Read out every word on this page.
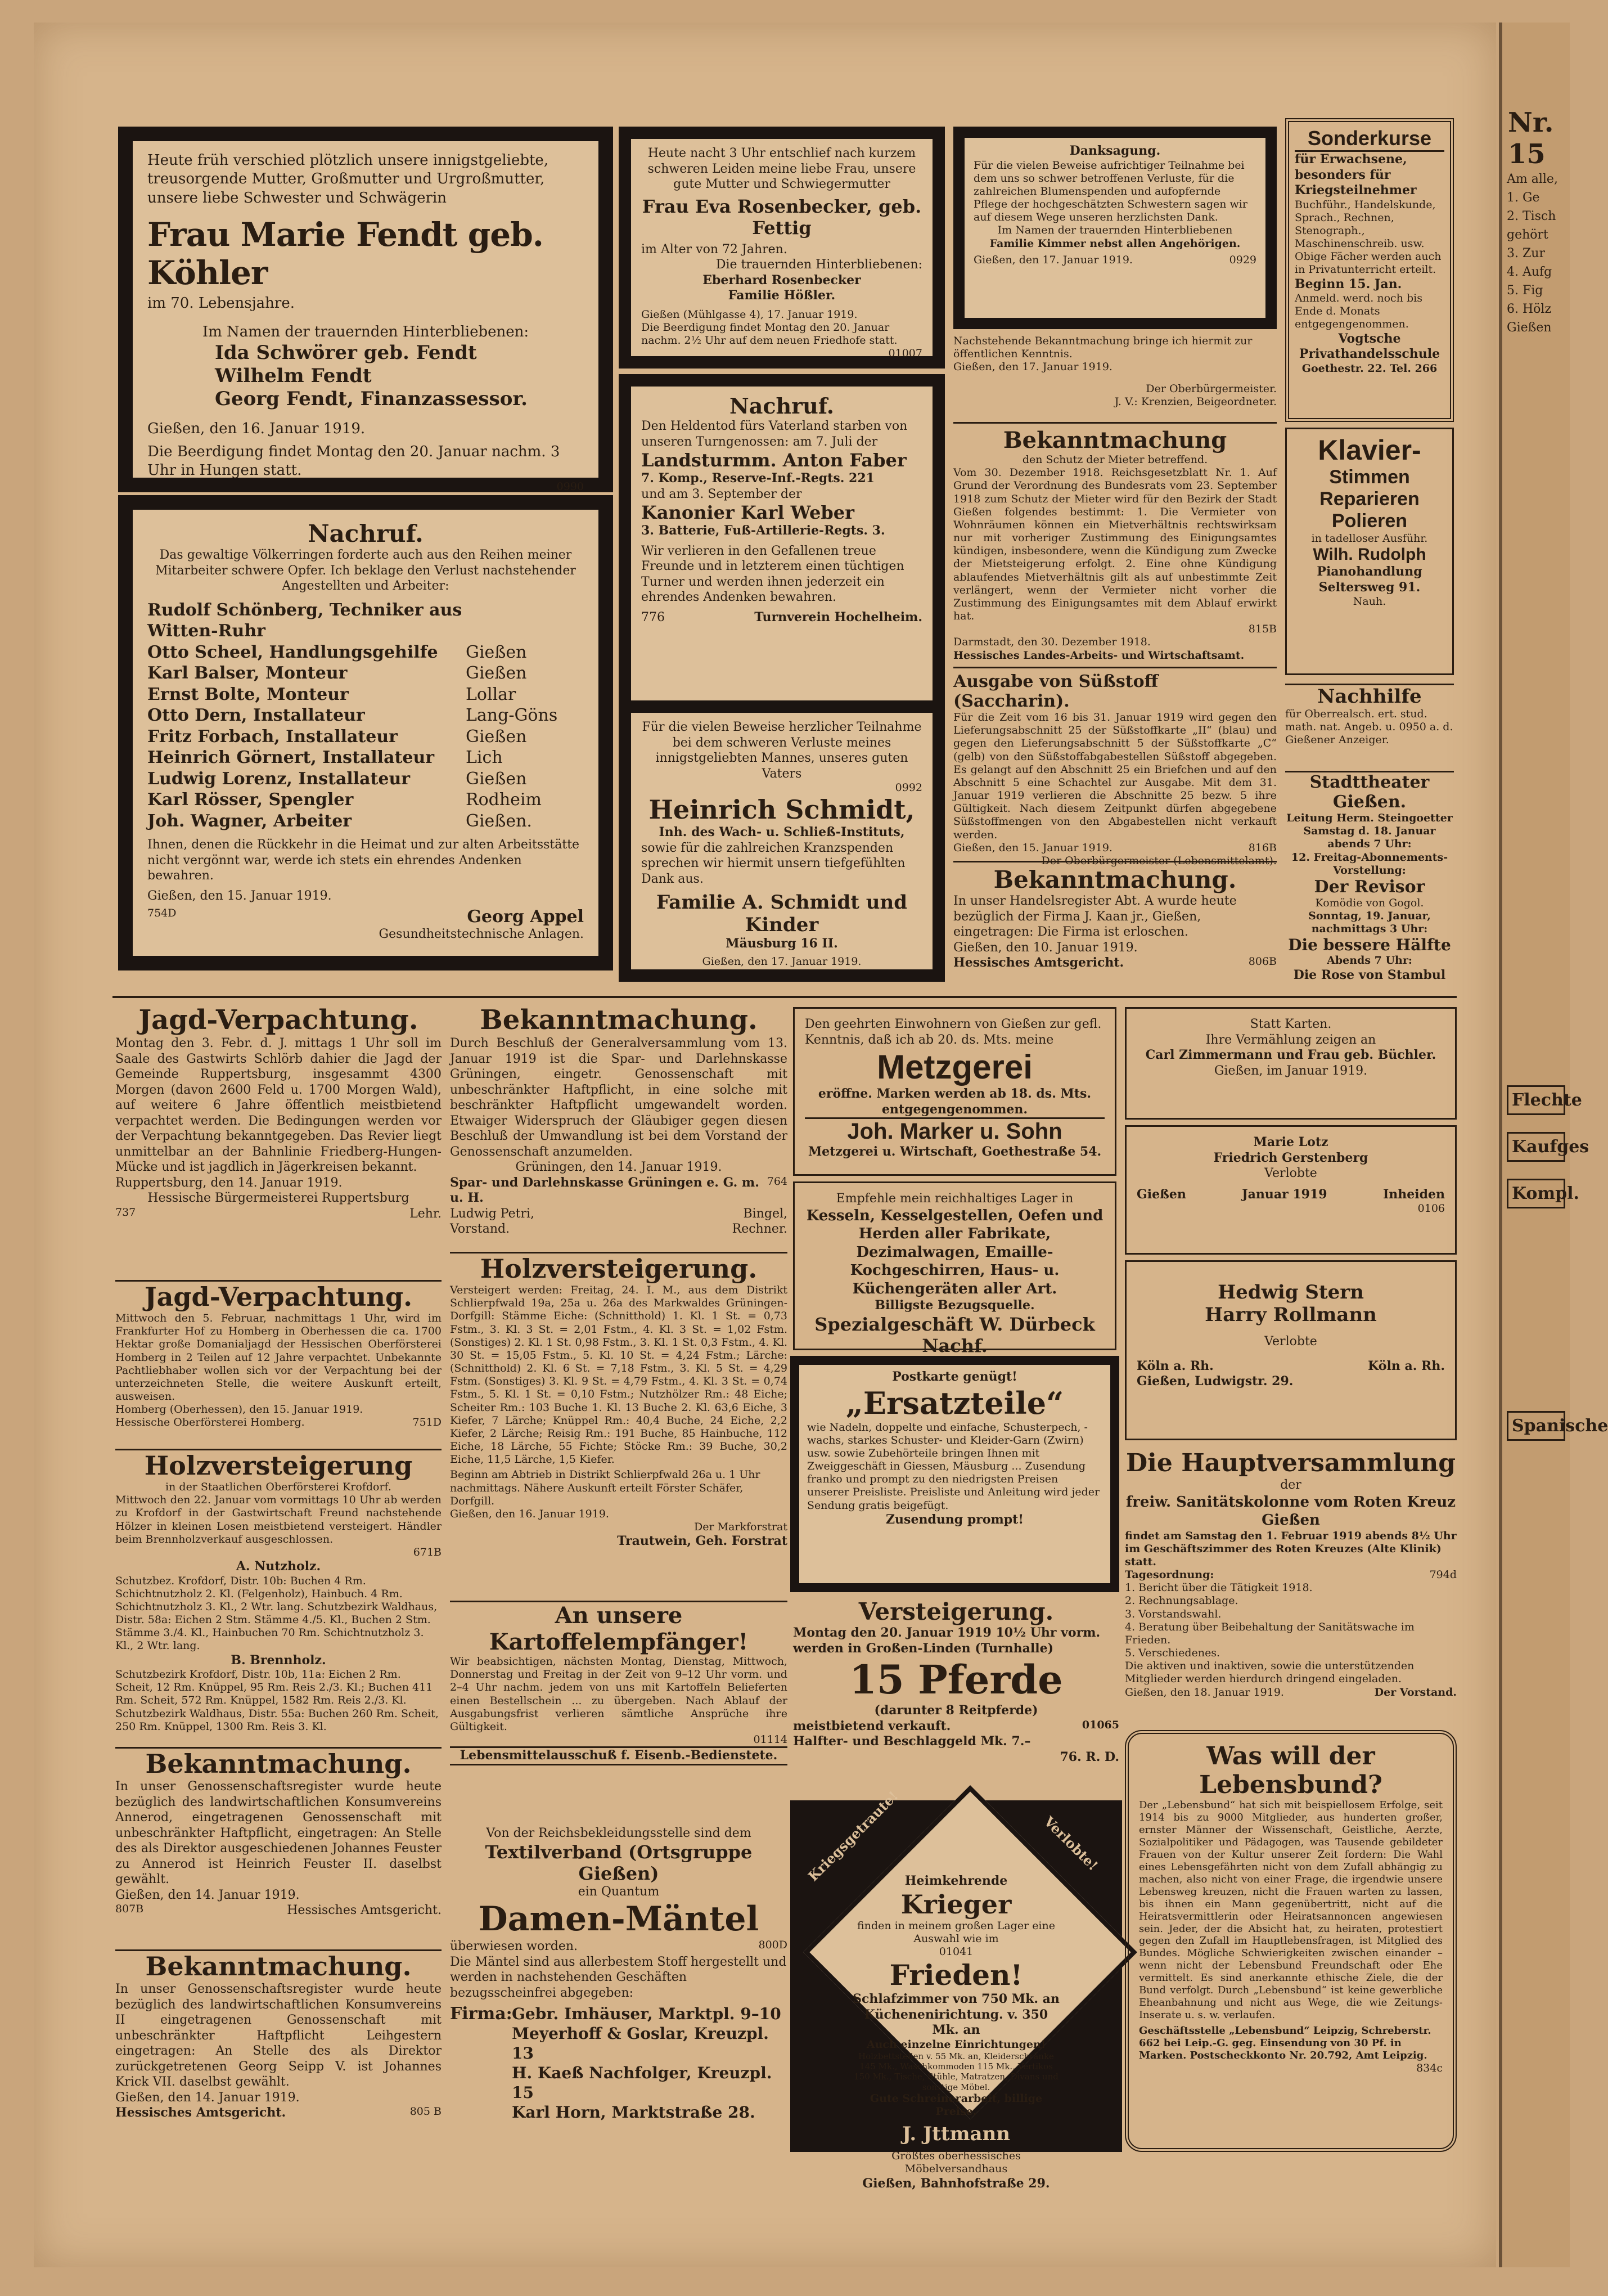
Nr. 15
Am alle,
1. Ge
2. Tisch
gehört
3. Zur
4. Aufg
5. Fig
6. Hölz
Gießen
Flechte
Kaufges
Kompl.
Spanische
Heute früh verschied plötzlich unsere innigstgeliebte, treusorgende Mutter, Großmutter und Urgroßmutter, unsere liebe Schwester und Schwägerin
Frau Marie Fendt geb. Köhler
im 70. Lebensjahre.
Im Namen der trauernden Hinterbliebenen:
Ida Schwörer geb. Fendt
Wilhelm Fendt
Georg Fendt, Finanzassessor.
Gießen, den 16. Januar 1919.
Die Beerdigung findet Montag den 20. Januar nachm. 3 Uhr in Hungen statt.
0990
Nachruf.
Das gewaltige Völkerringen forderte auch aus den Reihen meiner Mitarbeiter schwere Opfer. Ich beklage den Verlust nachstehender Angestellten und Arbeiter:
Rudolf Schönberg, Techniker aus Witten-Ruhr
Otto Scheel, Handlungsgehilfe	Gießen
Karl Balser, Monteur	Gießen
Ernst Bolte, Monteur	Lollar
Otto Dern, Installateur	Lang-Göns
Fritz Forbach, Installateur	Gießen
Heinrich Görnert, Installateur	Lich
Ludwig Lorenz, Installateur	Gießen
Karl Rösser, Spengler	Rodheim
Joh. Wagner, Arbeiter	Gießen.
Ihnen, denen die Rückkehr in die Heimat und zur alten Arbeitsstätte nicht vergönnt war, werde ich stets ein ehrendes Andenken bewahren.
Gießen, den 15. Januar 1919.
754D	Georg Appel
Gesundheitstechnische Anlagen.
Heute nacht 3 Uhr entschlief nach kurzem schweren Leiden meine liebe Frau, unsere gute Mutter und Schwiegermutter
Frau Eva Rosenbecker, geb. Fettig
im Alter von 72 Jahren.
Die trauernden Hinterbliebenen:
Eberhard Rosenbecker
Familie Hößler.
Gießen (Mühlgasse 4), 17. Januar 1919.
Die Beerdigung findet Montag den 20. Januar nachm. 2½ Uhr auf dem neuen Friedhofe statt.
01007
Nachruf.
Den Heldentod fürs Vaterland starben von unseren Turngenossen: am 7. Juli der
Landsturmm. Anton Faber
7. Komp., Reserve-Inf.-Regts. 221
und am 3. September der
Kanonier Karl Weber
3. Batterie, Fuß-Artillerie-Regts. 3.
Wir verlieren in den Gefallenen treue Freunde und in letzterem einen tüchtigen Turner und werden ihnen jederzeit ein ehrendes Andenken bewahren.
776	Turnverein Hochelheim.
Für die vielen Beweise herzlicher Teilnahme bei dem schweren Verluste meines innigstgeliebten Mannes, unseres guten Vaters
0992
Heinrich Schmidt,
Inh. des Wach- u. Schließ-Instituts,
sowie für die zahlreichen Kranzspenden sprechen wir hiermit unsern tiefgefühlten Dank aus.
Familie A. Schmidt und Kinder
Mäusburg 16 II.
Gießen, den 17. Januar 1919.
Danksagung.
Für die vielen Beweise aufrichtiger Teilnahme bei dem uns so schwer betroffenen Verluste, für die zahlreichen Blumenspenden und aufopfernde Pflege der hochgeschätzten Schwestern sagen wir auf diesem Wege unseren herzlichsten Dank.
Im Namen der trauernden Hinterbliebenen
Familie Kimmer nebst allen Angehörigen.
Gießen, den 17. Januar 1919.	0929
Nachstehende Bekanntmachung bringe ich hiermit zur öffentlichen Kenntnis.
Gießen, den 17. Januar 1919.
Der Oberbürgermeister.
J. V.: Krenzien, Beigeordneter.
Bekanntmachung
den Schutz der Mieter betreffend.
Vom 30. Dezember 1918. Reichsgesetzblatt Nr. 1. Auf Grund der Verordnung des Bundesrats vom 23. September 1918 zum Schutz der Mieter wird für den Bezirk der Stadt Gießen folgendes bestimmt: 1. Die Vermieter von Wohnräumen können ein Mietverhältnis rechtswirksam nur mit vorheriger Zustimmung des Einigungsamtes kündigen, insbesondere, wenn die Kündigung zum Zwecke der Mietsteigerung erfolgt. 2. Eine ohne Kündigung ablaufendes Mietverhältnis gilt als auf unbestimmte Zeit verlängert, wenn der Vermieter nicht vorher die Zustimmung des Einigungsamtes mit dem Ablauf erwirkt hat.
815B
Darmstadt, den 30. Dezember 1918.
Hessisches Landes-Arbeits- und Wirtschaftsamt.
Ausgabe von Süßstoff (Saccharin).
Für die Zeit vom 16 bis 31. Januar 1919 wird gegen den Lieferungsabschnitt 25 der Süßstoffkarte „II“ (blau) und gegen den Lieferungsabschnitt 5 der Süßstoffkarte „C“ (gelb) von den Süßstoffabgabestellen Süßstoff abgegeben. Es gelangt auf den Abschnitt 25 ein Briefchen und auf den Abschnitt 5 eine Schachtel zur Ausgabe. Mit dem 31. Januar 1919 verlieren die Abschnitte 25 bezw. 5 ihre Gültigkeit. Nach diesem Zeitpunkt dürfen abgegebene Süßstoffmengen von den Abgabestellen nicht verkauft werden.
Gießen, den 15. Januar 1919.	816B
Der Oberbürgermeister (Lebensmittelamt).
Bekanntmachung.
In unser Handelsregister Abt. A wurde heute bezüglich der Firma J. Kaan jr., Gießen, eingetragen: Die Firma ist erloschen.
Gießen, den 10. Januar 1919.
Hessisches Amtsgericht.	806B
Sonderkurse
für Erwachsene, besonders für Kriegsteilnehmer
Buchführ., Handelskunde, Sprach., Rechnen, Stenograph., Maschinenschreib. usw. Obige Fächer werden auch in Privatunterricht erteilt.
Beginn 15. Jan.
Anmeld. werd. noch bis Ende d. Monats entgegengenommen.
Vogtsche
Privathandelsschule
Goethestr. 22. Tel. 266
Klavier-
Stimmen
Reparieren
Polieren
in tadelloser Ausführ.
Wilh. Rudolph
Pianohandlung
Seltersweg 91.
Nauh.
Nachhilfe
für Oberrealsch. ert. stud. math. nat. Angeb. u. 0950 a. d. Gießener Anzeiger.
Stadttheater Gießen.
Leitung Herm. Steingoetter
Samstag d. 18. Januar abends 7 Uhr:
12. Freitag-Abonnements-Vorstellung:
Der Revisor
Komödie von Gogol.
Sonntag, 19. Januar, nachmittags 3 Uhr:
Die bessere Hälfte
Abends 7 Uhr:
Die Rose von Stambul
Jagd-Verpachtung.
Montag den 3. Febr. d. J. mittags 1 Uhr soll im Saale des Gastwirts Schlörb dahier die Jagd der Gemeinde Ruppertsburg, insgesammt 4300 Morgen (davon 2600 Feld u. 1700 Morgen Wald), auf weitere 6 Jahre öffentlich meistbietend verpachtet werden. Die Bedingungen werden vor der Verpachtung bekanntgegeben. Das Revier liegt unmittelbar an der Bahnlinie Friedberg-Hungen-Mücke und ist jagdlich in Jägerkreisen bekannt.
Ruppertsburg, den 14. Januar 1919.
Hessische Bürgermeisterei Ruppertsburg
737	Lehr.
Jagd-Verpachtung.
Mittwoch den 5. Februar, nachmittags 1 Uhr, wird im Frankfurter Hof zu Homberg in Oberhessen die ca. 1700 Hektar große Domanialjagd der Hessischen Oberförsterei Homberg in 2 Teilen auf 12 Jahre verpachtet. Unbekannte Pachtliebhaber wollen sich vor der Verpachtung bei der unterzeichneten Stelle, die weitere Auskunft erteilt, ausweisen.
Homberg (Oberhessen), den 15. Januar 1919.
Hessische Oberförsterei Homberg.	751D
Holzversteigerung
in der Staatlichen Oberförsterei Krofdorf.
Mittwoch den 22. Januar vom vormittags 10 Uhr ab werden zu Krofdorf in der Gastwirtschaft Freund nachstehende Hölzer in kleinen Losen meistbietend versteigert. Händler beim Brennholzverkauf ausgeschlossen.
671B
A. Nutzholz.
Schutzbez. Krofdorf, Distr. 10b: Buchen 4 Rm. Schichtnutzholz 2. Kl. (Felgenholz), Hainbuch. 4 Rm. Schichtnutzholz 3. Kl., 2 Wtr. lang. Schutzbezirk Waldhaus, Distr. 58a: Eichen 2 Stm. Stämme 4./5. Kl., Buchen 2 Stm. Stämme 3./4. Kl., Hainbuchen 70 Rm. Schichtnutzholz 3. Kl., 2 Wtr. lang.
B. Brennholz.
Schutzbezirk Krofdorf, Distr. 10b, 11a: Eichen 2 Rm. Scheit, 12 Rm. Knüppel, 95 Rm. Reis 2./3. Kl.; Buchen 411 Rm. Scheit, 572 Rm. Knüppel, 1582 Rm. Reis 2./3. Kl. Schutzbezirk Waldhaus, Distr. 55a: Buchen 260 Rm. Scheit, 250 Rm. Knüppel, 1300 Rm. Reis 3. Kl.
Bekanntmachung.
In unser Genossenschaftsregister wurde heute bezüglich des landwirtschaftlichen Konsumvereins Annerod, eingetragenen Genossenschaft mit unbeschränkter Haftpflicht, eingetragen: An Stelle des als Direktor ausgeschiedenen Johannes Feuster zu Annerod ist Heinrich Feuster II. daselbst gewählt.
Gießen, den 14. Januar 1919.
807B	Hessisches Amtsgericht.
Bekanntmachung.
In unser Genossenschaftsregister wurde heute bezüglich des landwirtschaftlichen Konsumvereins II eingetragenen Genossenschaft mit unbeschränkter Haftpflicht Leihgestern eingetragen: An Stelle des als Direktor zurückgetretenen Georg Seipp V. ist Johannes Krick VII. daselbst gewählt.
Gießen, den 14. Januar 1919.
Hessisches Amtsgericht.	805 B
Bekanntmachung.
Durch Beschluß der Generalversammlung vom 13. Januar 1919 ist die Spar- und Darlehnskasse Grüningen, eingetr. Genossenschaft mit unbeschränkter Haftpflicht, in eine solche mit beschränkter Haftpflicht umgewandelt worden. Etwaiger Widerspruch der Gläubiger gegen diesen Beschluß der Umwandlung ist bei dem Vorstand der Genossenschaft anzumelden.
Grüningen, den 14. Januar 1919.
Spar- und Darlehnskasse Grüningen e. G. m. u. H.
764
Ludwig Petri,	Bingel,
Vorstand.	Rechner.
Holzversteigerung.
Versteigert werden: Freitag, 24. I. M., aus dem Distrikt Schlierpfwald 19a, 25a u. 26a des Markwaldes Grüningen-Dorfgill: Stämme Eiche: (Schnitthold) 1. Kl. 1 St. = 0,73 Fstm., 3. Kl. 3 St. = 2,01 Fstm., 4. Kl. 3 St. = 1,02 Fstm. (Sonstiges) 2. Kl. 1 St. 0,98 Fstm., 3. Kl. 1 St. 0,3 Fstm., 4. Kl. 30 St. = 15,05 Fstm., 5. Kl. 10 St. = 4,24 Fstm.; Lärche: (Schnitthold) 2. Kl. 6 St. = 7,18 Fstm., 3. Kl. 5 St. = 4,29 Fstm. (Sonstiges) 3. Kl. 9 St. = 4,79 Fstm., 4. Kl. 3 St. = 0,74 Fstm., 5. Kl. 1 St. = 0,10 Fstm.; Nutzhölzer Rm.: 48 Eiche; Scheiter Rm.: 103 Buche 1. Kl. 13 Buche 2. Kl. 63,6 Eiche, 3 Kiefer, 7 Lärche; Knüppel Rm.: 40,4 Buche, 24 Eiche, 2,2 Kiefer, 2 Lärche; Reisig Rm.: 191 Buche, 85 Hainbuche, 112 Eiche, 18 Lärche, 55 Fichte; Stöcke Rm.: 39 Buche, 30,2 Eiche, 11,5 Lärche, 1,5 Kiefer.
Beginn am Abtrieb in Distrikt Schlierpfwald 26a u. 1 Uhr nachmittags. Nähere Auskunft erteilt Förster Schäfer, Dorfgill.
Gießen, den 16. Januar 1919.
Der Markforstrat
Trautwein, Geh. Forstrat
An unsere Kartoffelempfänger!
Wir beabsichtigen, nächsten Montag, Dienstag, Mittwoch, Donnerstag und Freitag in der Zeit von 9–12 Uhr vorm. und 2–4 Uhr nachm. jedem von uns mit Kartoffeln Belieferten einen Bestellschein ... zu übergeben. Nach Ablauf der Ausgabungsfrist verlieren sämtliche Ansprüche ihre Gültigkeit.
01114
Lebensmittelausschuß f. Eisenb.-Bedienstete.
Von der Reichsbekleidungsstelle sind dem
Textilverband (Ortsgruppe Gießen)
ein Quantum
Damen-Mäntel
überwiesen worden.	800D
Die Mäntel sind aus allerbestem Stoff hergestellt und werden in nachstehenden Geschäften bezugsscheinfrei abgegeben:
Firma: Gebr. Imhäuser, Marktpl. 9–10
Meyerhoff & Goslar, Kreuzpl. 13
H. Kaeß Nachfolger, Kreuzpl. 15
Karl Horn, Marktstraße 28.
Den geehrten Einwohnern von Gießen zur gefl. Kenntnis, daß ich ab 20. ds. Mts. meine
Metzgerei
eröffne. Marken werden ab 18. ds. Mts. entgegengenommen.
Joh. Marker u. Sohn
Metzgerei u. Wirtschaft, Goethestraße 54.
Empfehle mein reichhaltiges Lager in
Kesseln, Kesselgestellen, Oefen und Herden aller Fabrikate, Dezimalwagen, Emaille-Kochgeschirren, Haus- u. Küchengeräten aller Art.
Billigste Bezugsquelle.
Spezialgeschäft W. Dürbeck Nachf.
Postkarte genügt!
„Ersatzteile“
wie Nadeln, doppelte und einfache, Schusterpech, -wachs, starkes Schuster- und Kleider-Garn (Zwirn) usw. sowie Zubehörteile bringen Ihnen mit Zweiggeschäft in Giessen, Mäusburg ... Zusendung franko und prompt zu den niedrigsten Preisen unserer Preisliste. Preisliste und Anleitung wird jeder Sendung gratis beigefügt.
Zusendung prompt!
Versteigerung.
Montag den 20. Januar 1919 10½ Uhr vorm.
werden in Großen-Linden (Turnhalle)
15 Pferde
(darunter 8 Reitpferde)
meistbietend verkauft.	01065
Halfter- und Beschlaggeld Mk. 7.–
76. R. D.
Kriegsgetraute!	Verlobte!
Heimkehrende
Krieger
finden in meinem großen Lager eine Auswahl wie im
01041
Frieden!
Schlafzimmer von 750 Mk. an
Küchenenirichtung. v. 350 Mk. an
Auch einzelne Einrichtungen!
Holzbettstellen v. 55 Mk. an, Kleiderschränke 145 Mk., Waschkommoden 115 Mk., Vertikos 150 Mk., Tische, Stühle, Matratzen, Divans und sonstige Möbel.
Gute Schreinerarbeit, billige Preise.
J. Jttmann
Größtes oberhessisches Möbelversandhaus
Gießen, Bahnhofstraße 29.
Statt Karten.
Ihre Vermählung zeigen an
Carl Zimmermann und Frau geb. Büchler.
Gießen, im Januar 1919.
Marie Lotz
Friedrich Gerstenberg
Verlobte
Gießen	Januar 1919	Inheiden
0106
Hedwig Stern
Harry Rollmann
Verlobte
Köln a. Rh.	Köln a. Rh.
Gießen, Ludwigstr. 29.
Die Hauptversammlung
der
freiw. Sanitätskolonne vom Roten Kreuz Gießen
findet am Samstag den 1. Februar 1919 abends 8½ Uhr im Geschäftszimmer des Roten Kreuzes (Alte Klinik) statt.
Tagesordnung:	794d
1. Bericht über die Tätigkeit 1918.
2. Rechnungsablage.
3. Vorstandswahl.
4. Beratung über Beibehaltung der Sanitätswache im Frieden.
5. Verschiedenes.
Die aktiven und inaktiven, sowie die unterstützenden Mitglieder werden hierdurch dringend eingeladen.
Gießen, den 18. Januar 1919.	Der Vorstand.
Was will der Lebensbund?
Der „Lebensbund“ hat sich mit beispiellosem Erfolge, seit 1914 bis zu 9000 Mitglieder, aus hunderten großer, ernster Männer der Wissenschaft, Geistliche, Aerzte, Sozialpolitiker und Pädagogen, was Tausende gebildeter Frauen von der Kultur unserer Zeit fordern: Die Wahl eines Lebensgefährten nicht von dem Zufall abhängig zu machen, also nicht von einer Frage, die irgendwie unsere Lebensweg kreuzen, nicht die Frauen warten zu lassen, bis ihnen ein Mann gegenübertritt, nicht auf die Heiratsvermittlerin oder Heiratsannoncen angewiesen sein. Jeder, der die Absicht hat, zu heiraten, protestiert gegen den Zufall im Hauptlebensfragen, ist Mitglied des Bundes. Mögliche Schwierigkeiten zwischen einander – wenn nicht der Lebensbund Freundschaft oder Ehe vermittelt. Es sind anerkannte ethische Ziele, die der Bund verfolgt. Durch „Lebensbund“ ist keine gewerbliche Eheanbahnung und nicht aus Wege, die wie Zeitungs-Inserate u. s. w. verlaufen.
Geschäftsstelle „Lebensbund“ Leipzig, Schreberstr. 662 bei Leip.-G. geg. Einsendung von 30 Pf. in Marken. Postscheckkonto Nr. 20.792, Amt Leipzig.
834c
